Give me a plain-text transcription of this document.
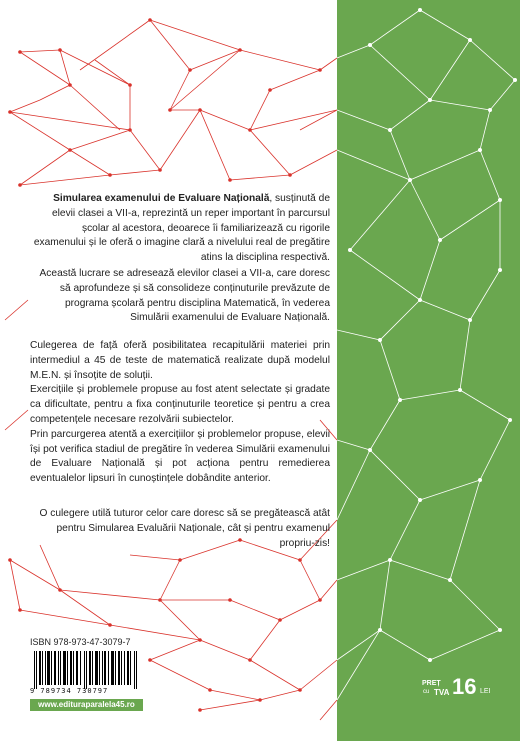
Simularea examenului de Evaluare Națională, susținută de elevii clasei a VII-a, reprezintă un reper important în parcursul școlar al acestora, deoarece îi familiarizează cu rigorile examenului și le oferă o imagine clară a nivelului real de pregătire atins la disciplina respectivă.

Această lucrare se adresează elevilor clasei a VII-a, care doresc să aprofundeze și să consolideze conținuturile prevăzute de programa școlară pentru disciplina Matematică, în vederea Simulării examenului de Evaluare Națională.

Culegerea de față oferă posibilitatea recapitulării materiei prin intermediul a 45 de teste de matematică realizate după modelul M.E.N. și însoțite de soluții.

Exercițiile și problemele propuse au fost atent selectate și gradate ca dificultate, pentru a fixa conținuturile teoretice și pentru a crea competențele necesare rezolvării subiectelor.

Prin parcurgerea atentă a exercițiilor și problemelor propuse, elevii își pot verifica stadiul de pregătire în vederea Simulării examenului de Evaluare Națională și pot acționa pentru remedierea eventualelor lipsuri în cunoștințele dobândite anterior.

O culegere utilă tuturor celor care doresc să se pregătească atât pentru Simularea Evaluării Naționale, cât și pentru examenul propriu-zis!

ISBN 978-973-47-3079-7
9 789734 730797
www.edituraparalela45.ro
PREȚ
cu TVA 16 LEI
